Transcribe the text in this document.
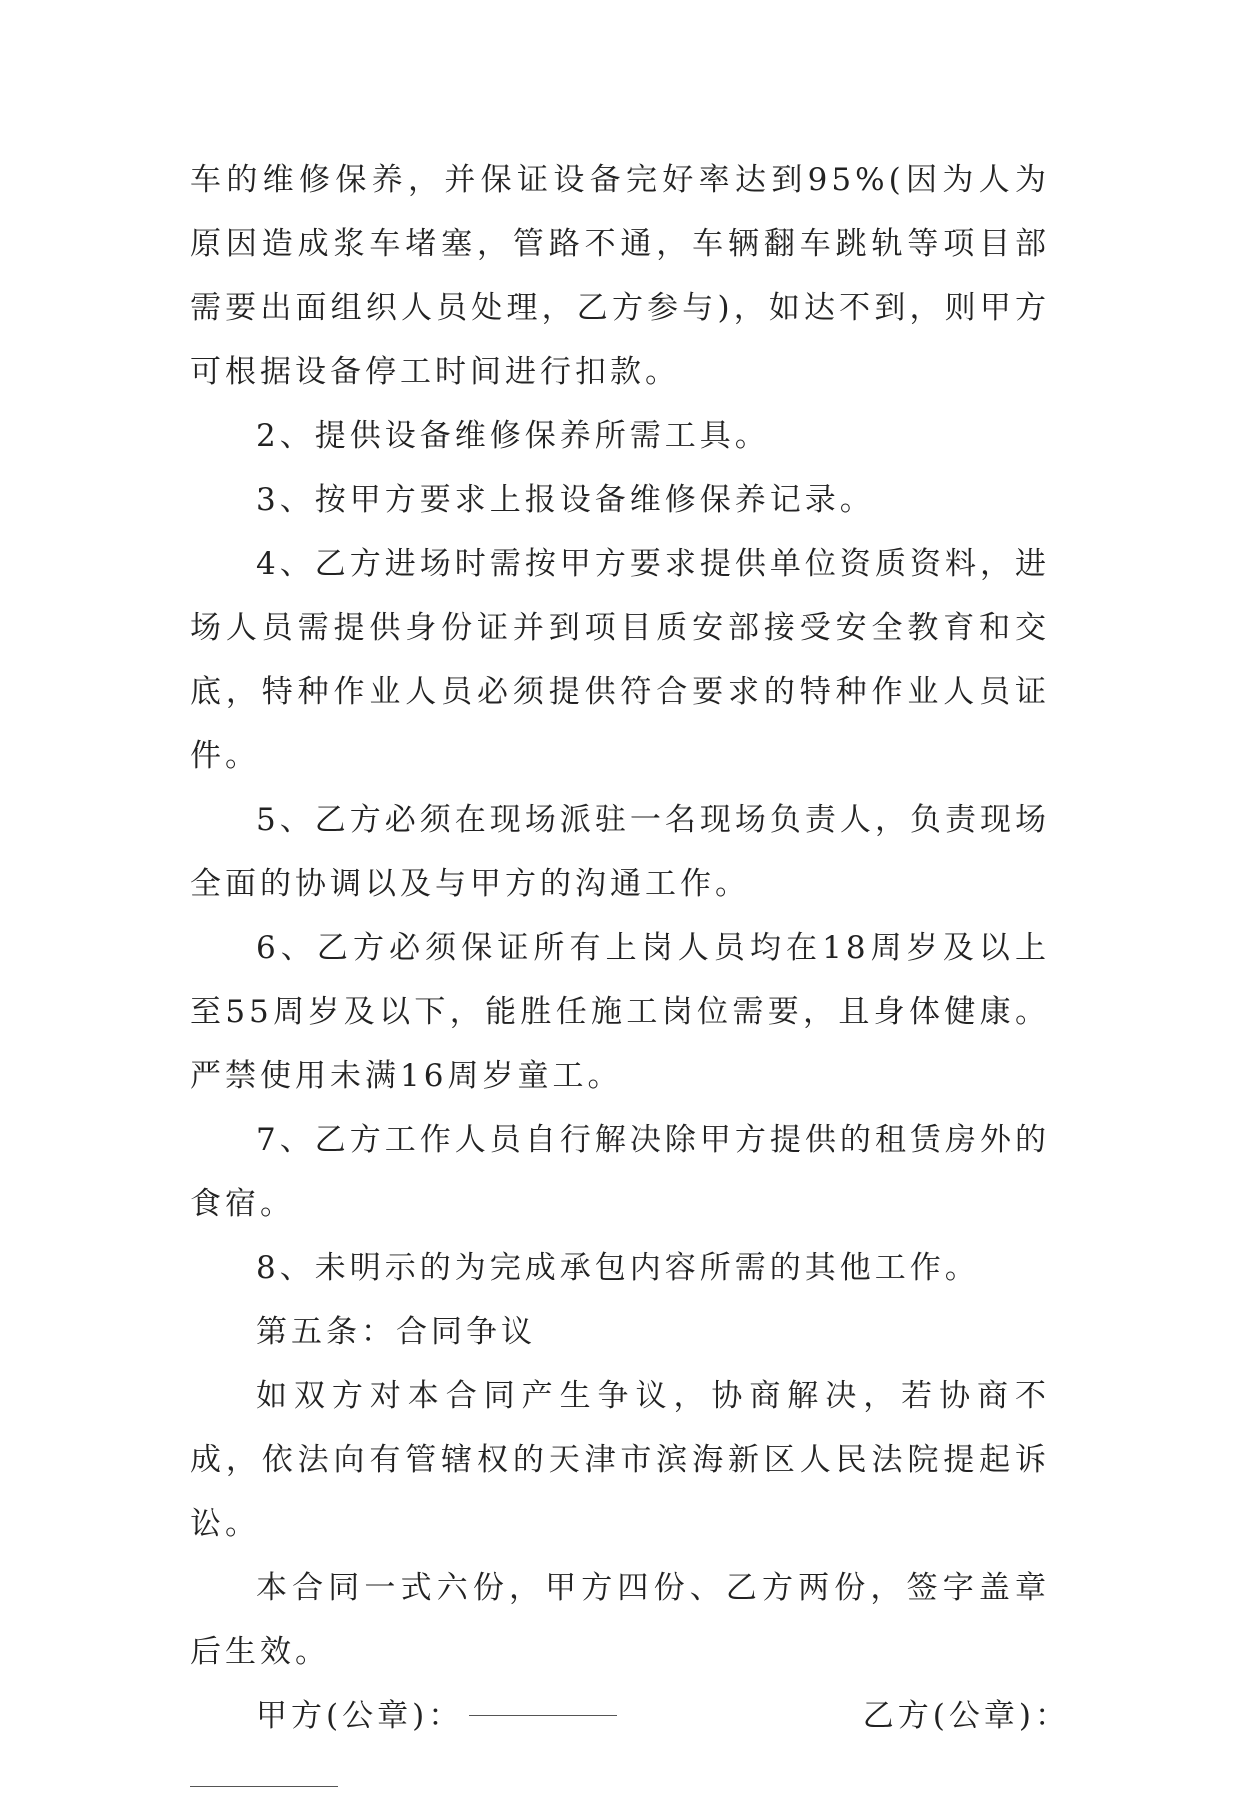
车的维修保养，并保证设备完好率达到95%(因为人为原因造成浆车堵塞，管路不通，车辆翻车跳轨等项目部需要出面组织人员处理，乙方参与)，如达不到，则甲方可根据设备停工时间进行扣款。

2、提供设备维修保养所需工具。

3、按甲方要求上报设备维修保养记录。

4、乙方进场时需按甲方要求提供单位资质资料，进场人员需提供身份证并到项目质安部接受安全教育和交底，特种作业人员必须提供符合要求的特种作业人员证件。

5、乙方必须在现场派驻一名现场负责人，负责现场全面的协调以及与甲方的沟通工作。

6、乙方必须保证所有上岗人员均在18周岁及以上至55周岁及以下，能胜任施工岗位需要，且身体健康。严禁使用未满16周岁童工。

7、乙方工作人员自行解决除甲方提供的租赁房外的食宿。

8、未明示的为完成承包内容所需的其他工作。

第五条：合同争议

如双方对本合同产生争议，协商解决，若协商不成，依法向有管辖权的天津市滨海新区人民法院提起诉讼。

本合同一式六份，甲方四份、乙方两份，签字盖章后生效。

甲方(公章)：	乙方(公章)：
